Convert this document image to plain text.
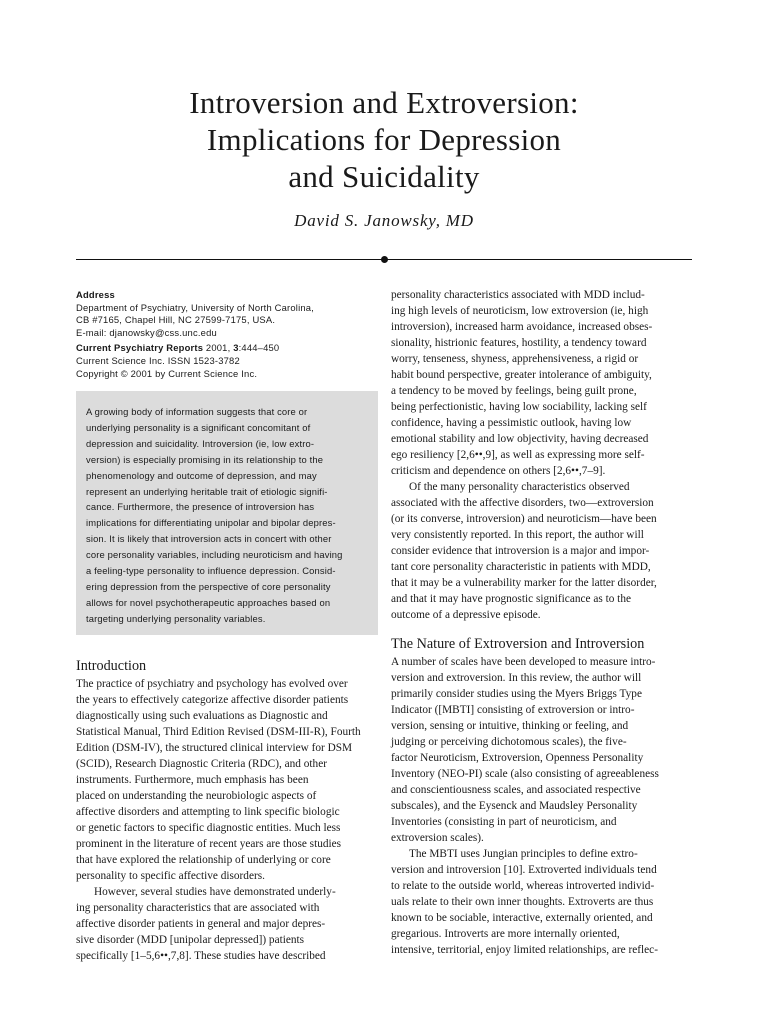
Introversion and Extroversion:
Implications for Depression
and Suicidality
David S. Janowsky, MD
Address
Department of Psychiatry, University of North Carolina,
CB #7165, Chapel Hill, NC 27599-7175, USA.
E-mail: djanowsky@css.unc.edu
Current Psychiatry Reports 2001, 3:444–450
Current Science Inc. ISSN 1523-3782
Copyright © 2001 by Current Science Inc.
A growing body of information suggests that core or
underlying personality is a significant concomitant of
depression and suicidality. Introversion (ie, low extro-
version) is especially promising in its relationship to the
phenomenology and outcome of depression, and may
represent an underlying heritable trait of etiologic signifi-
cance. Furthermore, the presence of introversion has
implications for differentiating unipolar and bipolar depres-
sion. It is likely that introversion acts in concert with other
core personality variables, including neuroticism and having
a feeling-type personality to influence depression. Consid-
ering depression from the perspective of core personality
allows for novel psychotherapeutic approaches based on
targeting underlying personality variables.
Introduction
The practice of psychiatry and psychology has evolved over
the years to effectively categorize affective disorder patients
diagnostically using such evaluations as Diagnostic and
Statistical Manual, Third Edition Revised (DSM-III-R), Fourth
Edition (DSM-IV), the structured clinical interview for DSM
(SCID), Research Diagnostic Criteria (RDC), and other
instruments. Furthermore, much emphasis has been
placed on understanding the neurobiologic aspects of
affective disorders and attempting to link specific biologic
or genetic factors to specific diagnostic entities. Much less
prominent in the literature of recent years are those studies
that have explored the relationship of underlying or core
personality to specific affective disorders.
However, several studies have demonstrated underly-
ing personality characteristics that are associated with
affective disorder patients in general and major depres-
sive disorder (MDD [unipolar depressed]) patients
specifically [1–5,6••,7,8]. These studies have described
personality characteristics associated with MDD includ-
ing high levels of neuroticism, low extroversion (ie, high
introversion), increased harm avoidance, increased obses-
sionality, histrionic features, hostility, a tendency toward
worry, tenseness, shyness, apprehensiveness, a rigid or
habit bound perspective, greater intolerance of ambiguity,
a tendency to be moved by feelings, being guilt prone,
being perfectionistic, having low sociability, lacking self
confidence, having a pessimistic outlook, having low
emotional stability and low objectivity, having decreased
ego resiliency [2,6••,9], as well as expressing more self-
criticism and dependence on others [2,6••,7–9].
Of the many personality characteristics observed
associated with the affective disorders, two—extroversion
(or its converse, introversion) and neuroticism—have been
very consistently reported. In this report, the author will
consider evidence that introversion is a major and impor-
tant core personality characteristic in patients with MDD,
that it may be a vulnerability marker for the latter disorder,
and that it may have prognostic significance as to the
outcome of a depressive episode.
The Nature of Extroversion and Introversion
A number of scales have been developed to measure intro-
version and extroversion. In this review, the author will
primarily consider studies using the Myers Briggs Type
Indicator ([MBTI] consisting of extroversion or intro-
version, sensing or intuitive, thinking or feeling, and
judging or perceiving dichotomous scales), the five-
factor Neuroticism, Extroversion, Openness Personality
Inventory (NEO-PI) scale (also consisting of agreeableness
and conscientiousness scales, and associated respective
subscales), and the Eysenck and Maudsley Personality
Inventories (consisting in part of neuroticism, and
extroversion scales).
The MBTI uses Jungian principles to define extro-
version and introversion [10]. Extroverted individuals tend
to relate to the outside world, whereas introverted individ-
uals relate to their own inner thoughts. Extroverts are thus
known to be sociable, interactive, externally oriented, and
gregarious. Introverts are more internally oriented,
intensive, territorial, enjoy limited relationships, are reflec-
